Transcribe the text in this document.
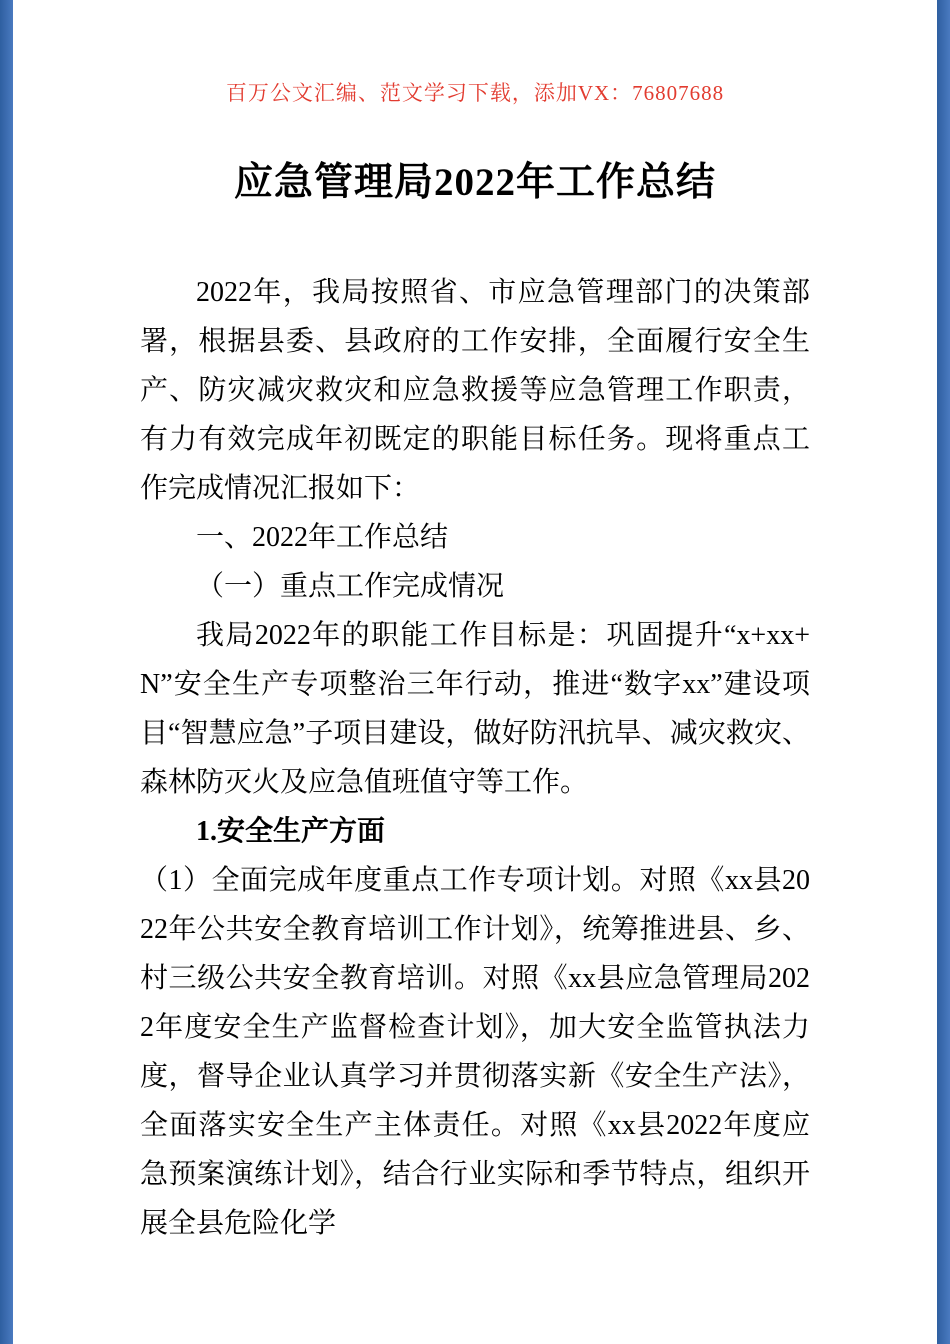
百万公文汇编、范文学习下载，添加VX：76807688
应急管理局2022年工作总结

2022年，我局按照省、市应急管理部门的决策部署，根据县委、县政府的工作安排，全面履行安全生产、防灾减灾救灾和应急救援等应急管理工作职责，有力有效完成年初既定的职能目标任务。现将重点工作完成情况汇报如下：

一、2022年工作总结

（一）重点工作完成情况

我局2022年的职能工作目标是：巩固提升“x+xx+N”安全生产专项整治三年行动，推进“数字xx”建设项目“智慧应急”子项目建设，做好防汛抗旱、减灾救灾、森林防灭火及应急值班值守等工作。

1.安全生产方面

（1）全面完成年度重点工作专项计划。对照《xx县2022年公共安全教育培训工作计划》，统筹推进县、乡、村三级公共安全教育培训。对照《xx县应急管理局2022年度安全生产监督检查计划》，加大安全监管执法力度，督导企业认真学习并贯彻落实新《安全生产法》，全面落实安全生产主体责任。对照《xx县2022年度应急预案演练计划》，结合行业实际和季节特点，组织开展全县危险化学
